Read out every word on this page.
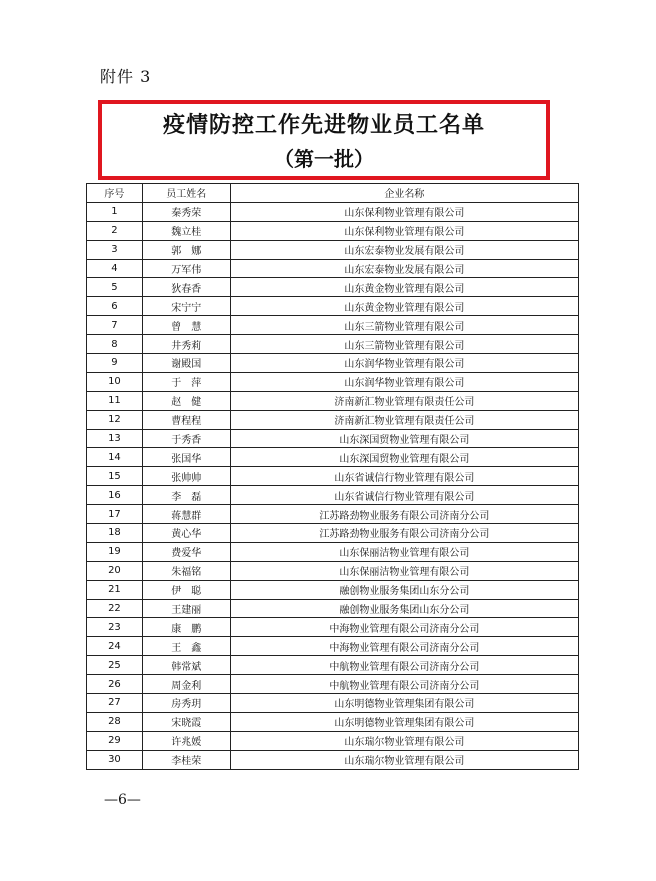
附件 3
疫情防控工作先进物业员工名单
（第一批）
序号	员工姓名	企业名称
1	秦秀荣	山东保利物业管理有限公司
2	魏立桂	山东保利物业管理有限公司
3	郭　娜	山东宏泰物业发展有限公司
4	万军伟	山东宏泰物业发展有限公司
5	狄春香	山东黄金物业管理有限公司
6	宋宁宁	山东黄金物业管理有限公司
7	曾　慧	山东三箭物业管理有限公司
8	井秀莉	山东三箭物业管理有限公司
9	谢殿国	山东润华物业管理有限公司
10	于　萍	山东润华物业管理有限公司
11	赵　健	济南新汇物业管理有限责任公司
12	曹程程	济南新汇物业管理有限责任公司
13	于秀香	山东深国贸物业管理有限公司
14	张国华	山东深国贸物业管理有限公司
15	张帅帅	山东省诚信行物业管理有限公司
16	李　磊	山东省诚信行物业管理有限公司
17	蒋慧群	江苏路劲物业服务有限公司济南分公司
18	黄心华	江苏路劲物业服务有限公司济南分公司
19	费爱华	山东保丽洁物业管理有限公司
20	朱福铭	山东保丽洁物业管理有限公司
21	伊　聪	融创物业服务集团山东分公司
22	王建丽	融创物业服务集团山东分公司
23	康　鹏	中海物业管理有限公司济南分公司
24	王　鑫	中海物业管理有限公司济南分公司
25	韩常斌	中航物业管理有限公司济南分公司
26	周金利	中航物业管理有限公司济南分公司
27	房秀玥	山东明德物业管理集团有限公司
28	宋晓霞	山东明德物业管理集团有限公司
29	许兆媛	山东瑞尔物业管理有限公司
30	李桂荣	山东瑞尔物业管理有限公司
—6—
